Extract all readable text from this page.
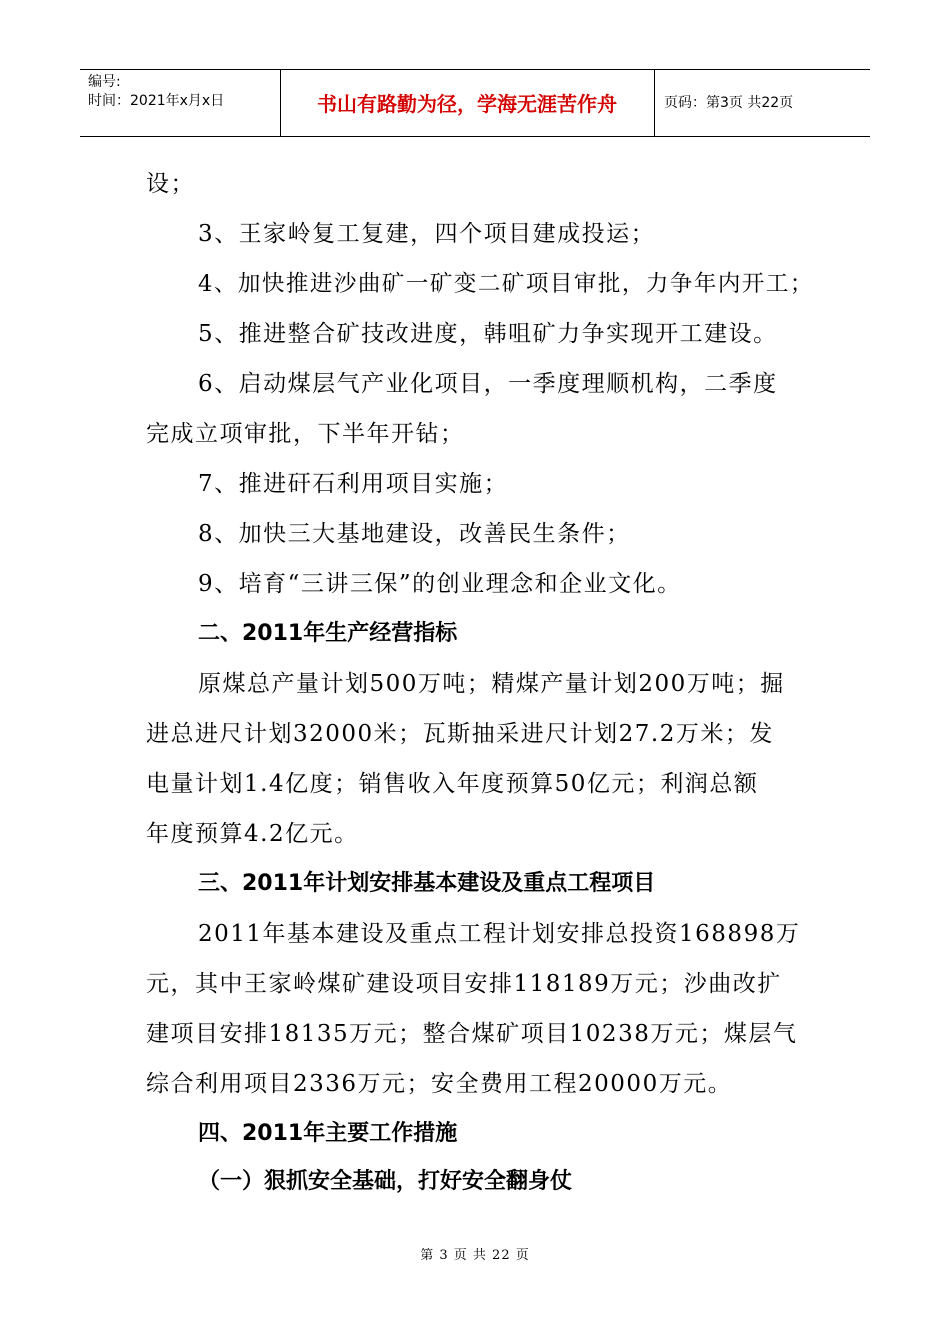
编号:
时间：2021年x月x日	书山有路勤为径，学海无涯苦作舟	页码：第3页 共22页
设；
3、王家岭复工复建，四个项目建成投运；
4、加快推进沙曲矿一矿变二矿项目审批，力争年内开工；
5、推进整合矿技改进度，韩咀矿力争实现开工建设。
6、启动煤层气产业化项目，一季度理顺机构，二季度
完成立项审批，下半年开钻；
7、推进矸石利用项目实施；
8、加快三大基地建设，改善民生条件；
9、培育“三讲三保”的创业理念和企业文化。
二、2011年生产经营指标
原煤总产量计划500万吨；精煤产量计划200万吨；掘
进总进尺计划32000米；瓦斯抽采进尺计划27.2万米；发
电量计划1.4亿度；销售收入年度预算50亿元；利润总额
年度预算4.2亿元。
三、2011年计划安排基本建设及重点工程项目
2011年基本建设及重点工程计划安排总投资168898万
元，其中王家岭煤矿建设项目安排118189万元；沙曲改扩
建项目安排18135万元；整合煤矿项目10238万元；煤层气
综合利用项目2336万元；安全费用工程20000万元。
四、2011年主要工作措施
（一）狠抓安全基础，打好安全翻身仗
第 3 页 共 22 页
